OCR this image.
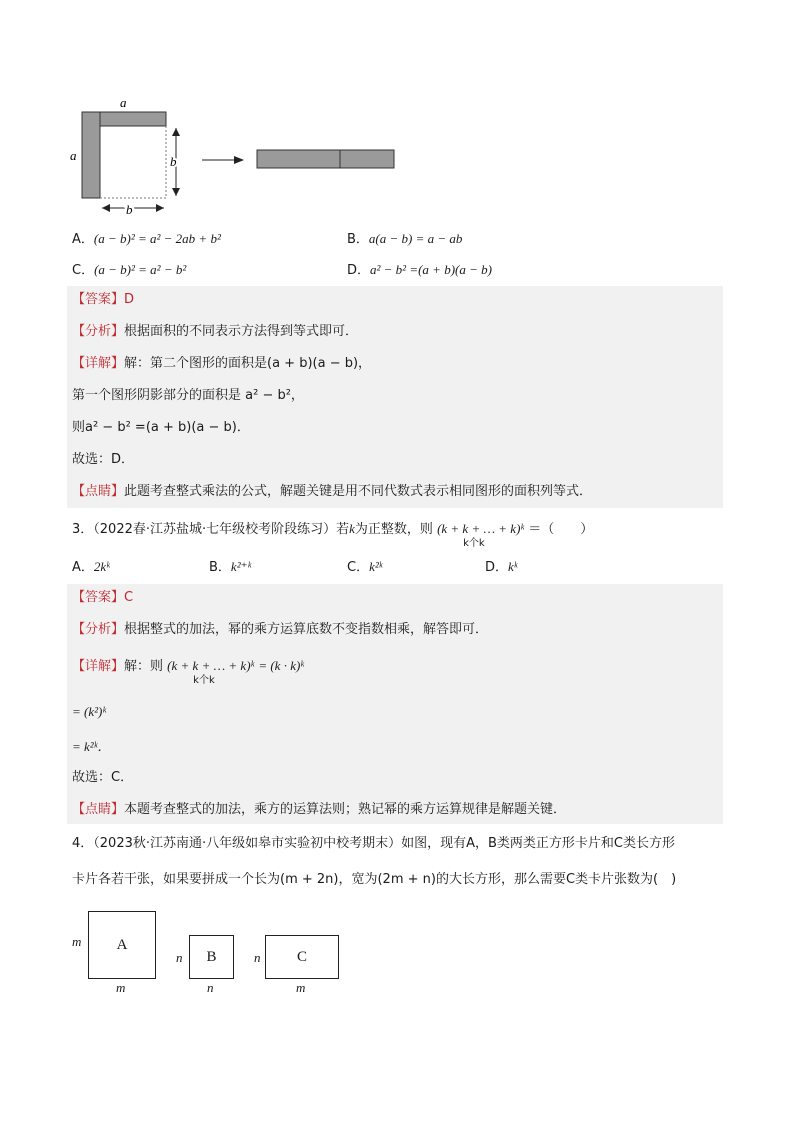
a
a	b
b
A．(a − b)² = a² − 2ab + b²	B．a(a − b) = a − ab
C．(a − b)² = a² − b²	D．a² − b² =(a + b)(a − b)
【答案】D
【分析】根据面积的不同表示方法得到等式即可．
【详解】解：第二个图形的面积是(a + b)(a − b)，
第一个图形阴影部分的面积是 a² − b²，
则a² − b² =(a + b)(a − b)．
故选：D．
【点睛】此题考查整式乘法的公式，解题关键是用不同代数式表示相同图形的面积列等式．
3．（2022春·江苏盐城·七年级校考阶段练习）若k为正整数，则 (k + k + … + k)ᵏ
k个k
＝（　　）
A．2kᵏ	B．k²⁺ᵏ	C．k²ᵏ	D．kᵏ
【答案】C
【分析】根据整式的加法，幂的乘方运算底数不变指数相乘，解答即可．
【详解】解：则 (k + k + … + k)ᵏ
k个k
= (k · k)ᵏ
= (k²)ᵏ
= k²ᵏ．
故选：C．
【点睛】本题考查整式的加法，乘方的运算法则；熟记幂的乘方运算规律是解题关键．
4．（2023秋·江苏南通·八年级如皋市实验初中校考期末）如图，现有A，B类两类正方形卡片和C类长方形
卡片各若干张，如果要拼成一个长为(m + 2n)，宽为(2m + n)的大长方形，那么需要C类卡片张数为(　)
m	A
m
n	B
n
n	C
m
